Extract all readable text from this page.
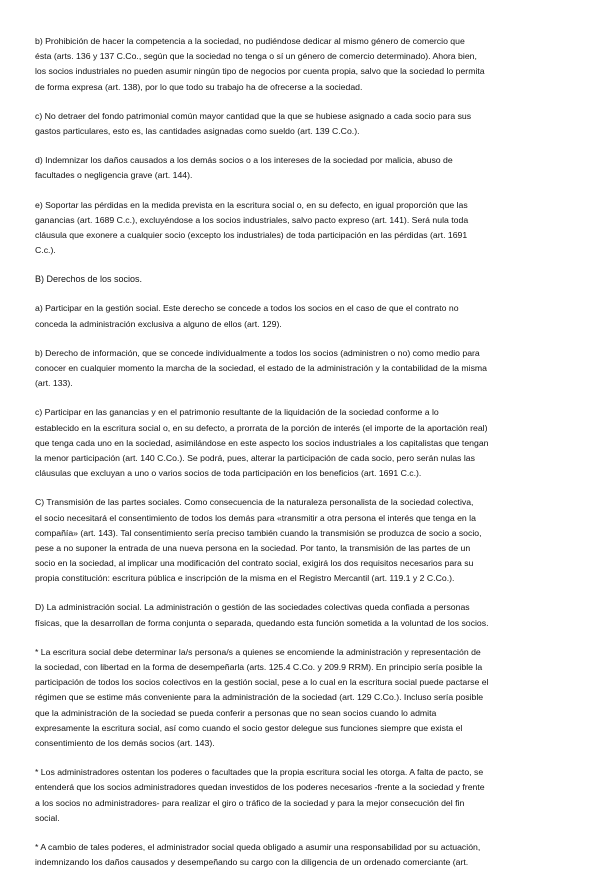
b) Prohibición de hacer la competencia a la sociedad, no pudiéndose dedicar al mismo género de comercio que
ésta (arts. 136 y 137 C.Co., según que la sociedad no tenga o sí un género de comercio determinado). Ahora bien,
los socios industriales no pueden asumir ningún tipo de negocios por cuenta propia, salvo que la sociedad lo permita
de forma expresa (art. 138), por lo que todo su trabajo ha de ofrecerse a la sociedad.

c) No detraer del fondo patrimonial común mayor cantidad que la que se hubiese asignado a cada socio para sus
gastos particulares, esto es, las cantidades asignadas como sueldo (art. 139 C.Co.).

d) Indemnizar los daños causados a los demás socios o a los intereses de la sociedad por malicia, abuso de
facultades o negligencia grave (art. 144).

e) Soportar las pérdidas en la medida prevista en la escritura social o, en su defecto, en igual proporción que las
ganancias (art. 1689 C.c.), excluyéndose a los socios industriales, salvo pacto expreso (art. 141). Será nula toda
cláusula que exonere a cualquier socio (excepto los industriales) de toda participación en las pérdidas (art. 1691
C.c.).

B) Derechos de los socios.

a) Participar en la gestión social. Este derecho se concede a todos los socios en el caso de que el contrato no
conceda la administración exclusiva a alguno de ellos (art. 129).

b) Derecho de información, que se concede individualmente a todos los socios (administren o no) como medio para
conocer en cualquier momento la marcha de la sociedad, el estado de la administración y la contabilidad de la misma
(art. 133).

c) Participar en las ganancias y en el patrimonio resultante de la liquidación de la sociedad conforme a lo
establecido en la escritura social o, en su defecto, a prorrata de la porción de interés (el importe de la aportación real)
que tenga cada uno en la sociedad, asimilándose en este aspecto los socios industriales a los capitalistas que tengan
la menor participación (art. 140 C.Co.). Se podrá, pues, alterar la participación de cada socio, pero serán nulas las
cláusulas que excluyan a uno o varios socios de toda participación en los beneficios (art. 1691 C.c.).

C) Transmisión de las partes sociales. Como consecuencia de la naturaleza personalista de la sociedad colectiva,
el socio necesitará el consentimiento de todos los demás para «transmitir a otra persona el interés que tenga en la
compañía» (art. 143). Tal consentimiento sería preciso también cuando la transmisión se produzca de socio a socio,
pese a no suponer la entrada de una nueva persona en la sociedad. Por tanto, la transmisión de las partes de un
socio en la sociedad, al implicar una modificación del contrato social, exigirá los dos requisitos necesarios para su
propia constitución: escritura pública e inscripción de la misma en el Registro Mercantil (art. 119.1 y 2 C.Co.).

D) La administración social. La administración o gestión de las sociedades colectivas queda confiada a personas
físicas, que la desarrollan de forma conjunta o separada, quedando esta función sometida a la voluntad de los socios.

* La escritura social debe determinar la/s persona/s a quienes se encomiende la administración y representación de
la sociedad, con libertad en la forma de desempeñarla (arts. 125.4 C.Co. y 209.9 RRM). En principio sería posible la
participación de todos los socios colectivos en la gestión social, pese a lo cual en la escritura social puede pactarse el
régimen que se estime más conveniente para la administración de la sociedad (art. 129 C.Co.). Incluso sería posible
que la administración de la sociedad se pueda conferir a personas que no sean socios cuando lo admita
expresamente la escritura social, así como cuando el socio gestor delegue sus funciones siempre que exista el
consentimiento de los demás socios (art. 143).

* Los administradores ostentan los poderes o facultades que la propia escritura social les otorga. A falta de pacto, se
entenderá que los socios administradores quedan investidos de los poderes necesarios -frente a la sociedad y frente
a los socios no administradores- para realizar el giro o tráfico de la sociedad y para la mejor consecución del fin
social.

* A cambio de tales poderes, el administrador social queda obligado a asumir una responsabilidad por su actuación,
indemnizando los daños causados y desempeñando su cargo con la diligencia de un ordenado comerciante (art.
